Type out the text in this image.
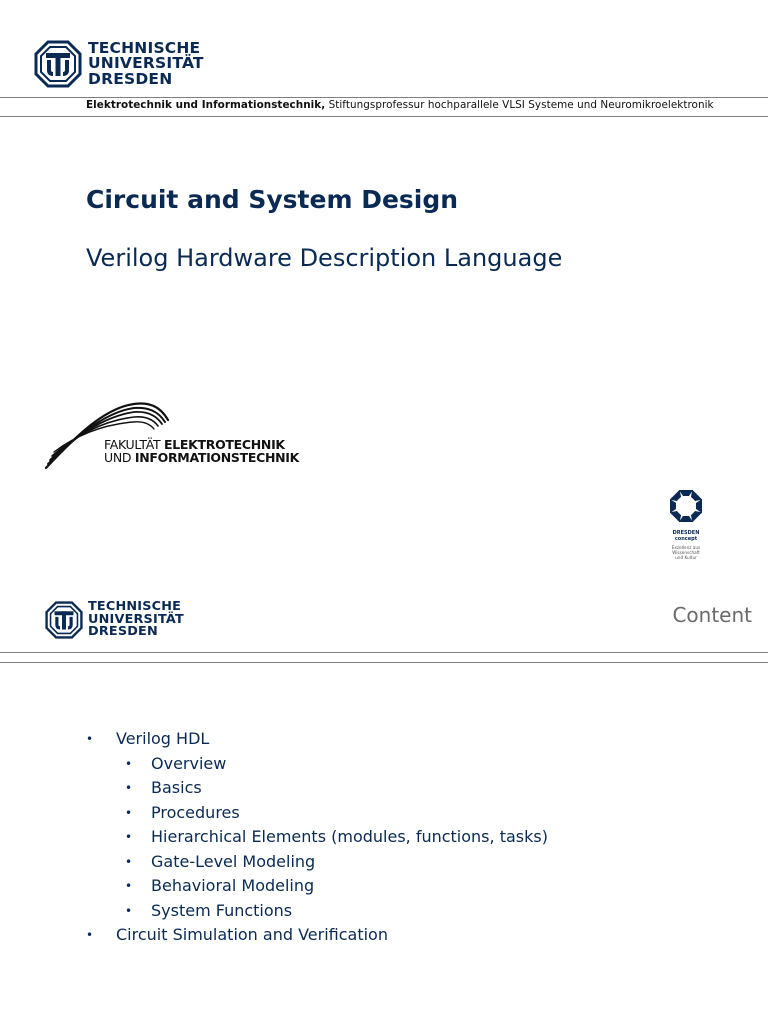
TECHNISCHE
UNIVERSITÄT
DRESDEN
Elektrotechnik und Informationstechnik, Stiftungsprofessur hochparallele VLSI Systeme und Neuromikroelektronik
Circuit and System Design
Verilog Hardware Description Language
FAKULTÄT ELEKTROTECHNIK
UND INFORMATIONSTECHNIK
DRESDEN
concept
Exzellenz aus
Wissenschaft
und Kultur
TECHNISCHE
UNIVERSITÄT
DRESDEN
Content
• Verilog HDL
• Overview
• Basics
• Procedures
• Hierarchical Elements (modules, functions, tasks)
• Gate-Level Modeling
• Behavioral Modeling
• System Functions
• Circuit Simulation and Verification
